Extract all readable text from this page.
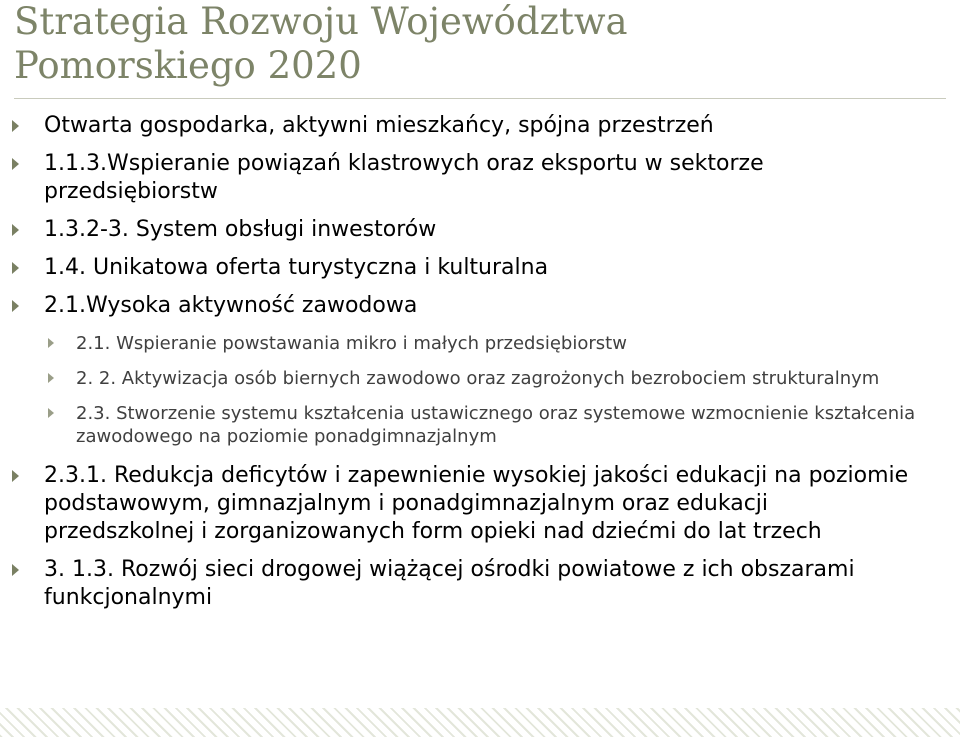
Strategia Rozwoju Województwa
Pomorskiego 2020
Otwarta gospodarka, aktywni mieszkańcy, spójna przestrzeń
1.1.3.Wspieranie powiązań klastrowych oraz eksportu w sektorze przedsiębiorstw
1.3.2-3. System obsługi inwestorów
1.4. Unikatowa oferta turystyczna i kulturalna
2.1.Wysoka aktywność zawodowa
2.1. Wspieranie powstawania mikro i małych przedsiębiorstw
2. 2. Aktywizacja osób biernych zawodowo oraz zagrożonych bezrobociem strukturalnym
2.3. Stworzenie systemu kształcenia ustawicznego oraz systemowe wzmocnienie kształcenia zawodowego na poziomie ponadgimnazjalnym
2.3.1. Redukcja deficytów i zapewnienie wysokiej jakości edukacji na poziomie podstawowym, gimnazjalnym i ponadgimnazjalnym oraz edukacji przedszkolnej i zorganizowanych form opieki nad dziećmi do lat trzech
3. 1.3. Rozwój sieci drogowej wiążącej ośrodki powiatowe z ich obszarami funkcjonalnymi
